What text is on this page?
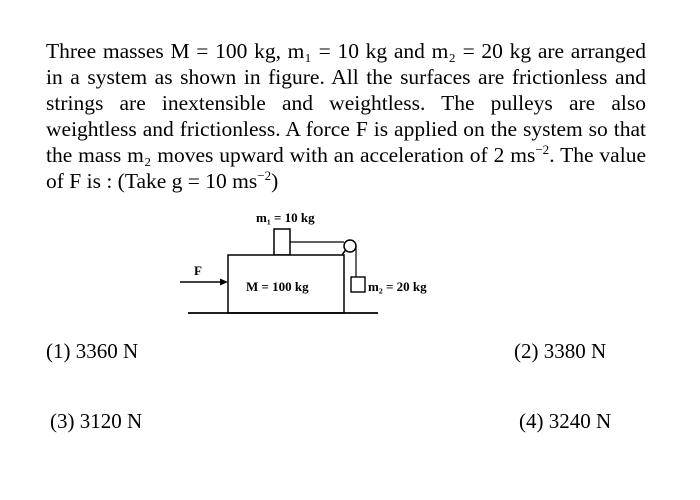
Three masses M = 100 kg, m₁ = 10 kg and m₂ = 20 kg are arranged in a system as shown in figure. All the surfaces are frictionless and strings are inextensible and weightless. The pulleys are also weightless and frictionless. A force F is applied on the system so that the mass m₂ moves upward with an acceleration of 2 $ms^{-2}$. The value of F is : (Take g = 10 $ms^{-2}$)

m₁ = 10 kg
M = 100 kg	m₂ = 20 kg
F
(1) 3360 N	(2) 3380 N
(3) 3120 N	(4) 3240 N
